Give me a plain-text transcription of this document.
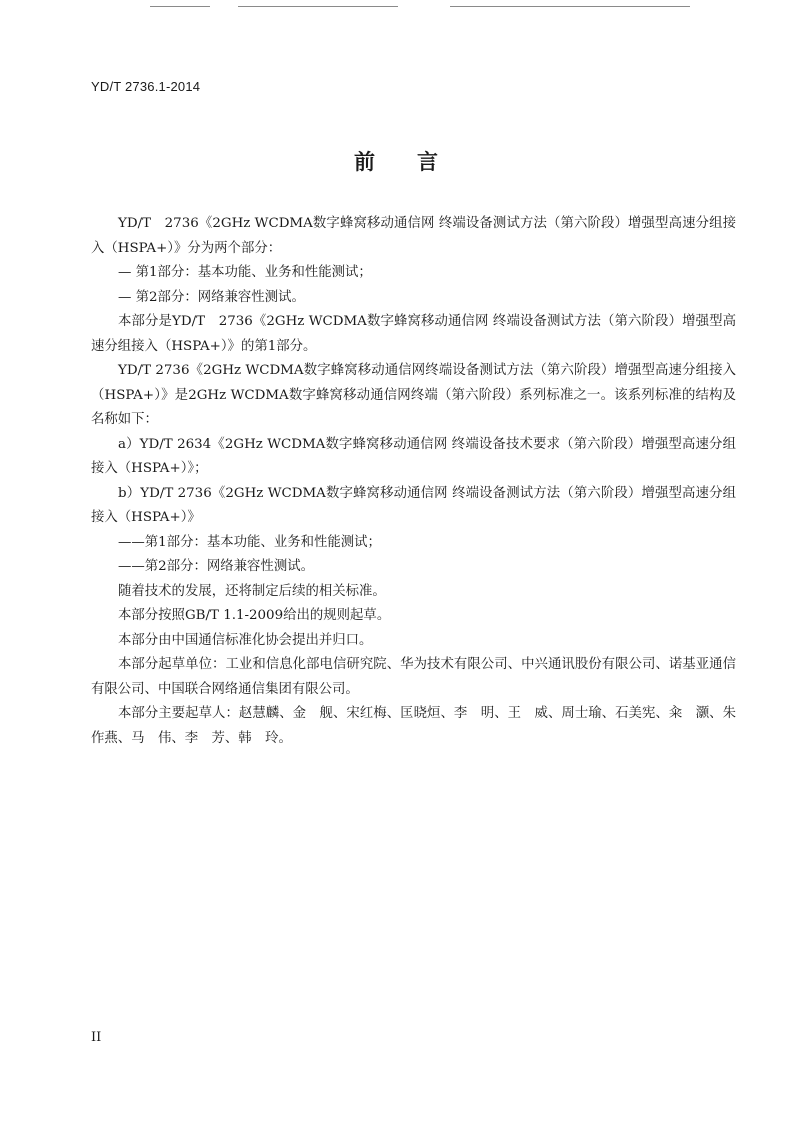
YD/T 2736.1-2014
前 言

YD/T　2736《2GHz WCDMA数字蜂窝移动通信网 终端设备测试方法（第六阶段）增强型高速分组接入（HSPA+）》分为两个部分：

— 第1部分：基本功能、业务和性能测试；

— 第2部分：网络兼容性测试。

本部分是YD/T　2736《2GHz WCDMA数字蜂窝移动通信网 终端设备测试方法（第六阶段）增强型高速分组接入（HSPA+）》的第1部分。

YD/T 2736《2GHz WCDMA数字蜂窝移动通信网终端设备测试方法（第六阶段）增强型高速分组接入（HSPA+）》是2GHz WCDMA数字蜂窝移动通信网终端（第六阶段）系列标准之一。该系列标准的结构及名称如下：

a）YD/T 2634《2GHz WCDMA数字蜂窝移动通信网 终端设备技术要求（第六阶段）增强型高速分组接入（HSPA+）》；

b）YD/T 2736《2GHz WCDMA数字蜂窝移动通信网 终端设备测试方法（第六阶段）增强型高速分组接入（HSPA+）》

——第1部分：基本功能、业务和性能测试；

——第2部分：网络兼容性测试。

随着技术的发展，还将制定后续的相关标准。

本部分按照GB/T 1.1-2009给出的规则起草。

本部分由中国通信标准化协会提出并归口。

本部分起草单位：工业和信息化部电信研究院、华为技术有限公司、中兴通讯股份有限公司、诺基亚通信有限公司、中国联合网络通信集团有限公司。

本部分主要起草人：赵慧麟、金　舰、宋红梅、匡晓烜、李　明、王　威、周士瑜、石美宪、籴　灏、朱作燕、马　伟、李　芳、韩　玲。

II
